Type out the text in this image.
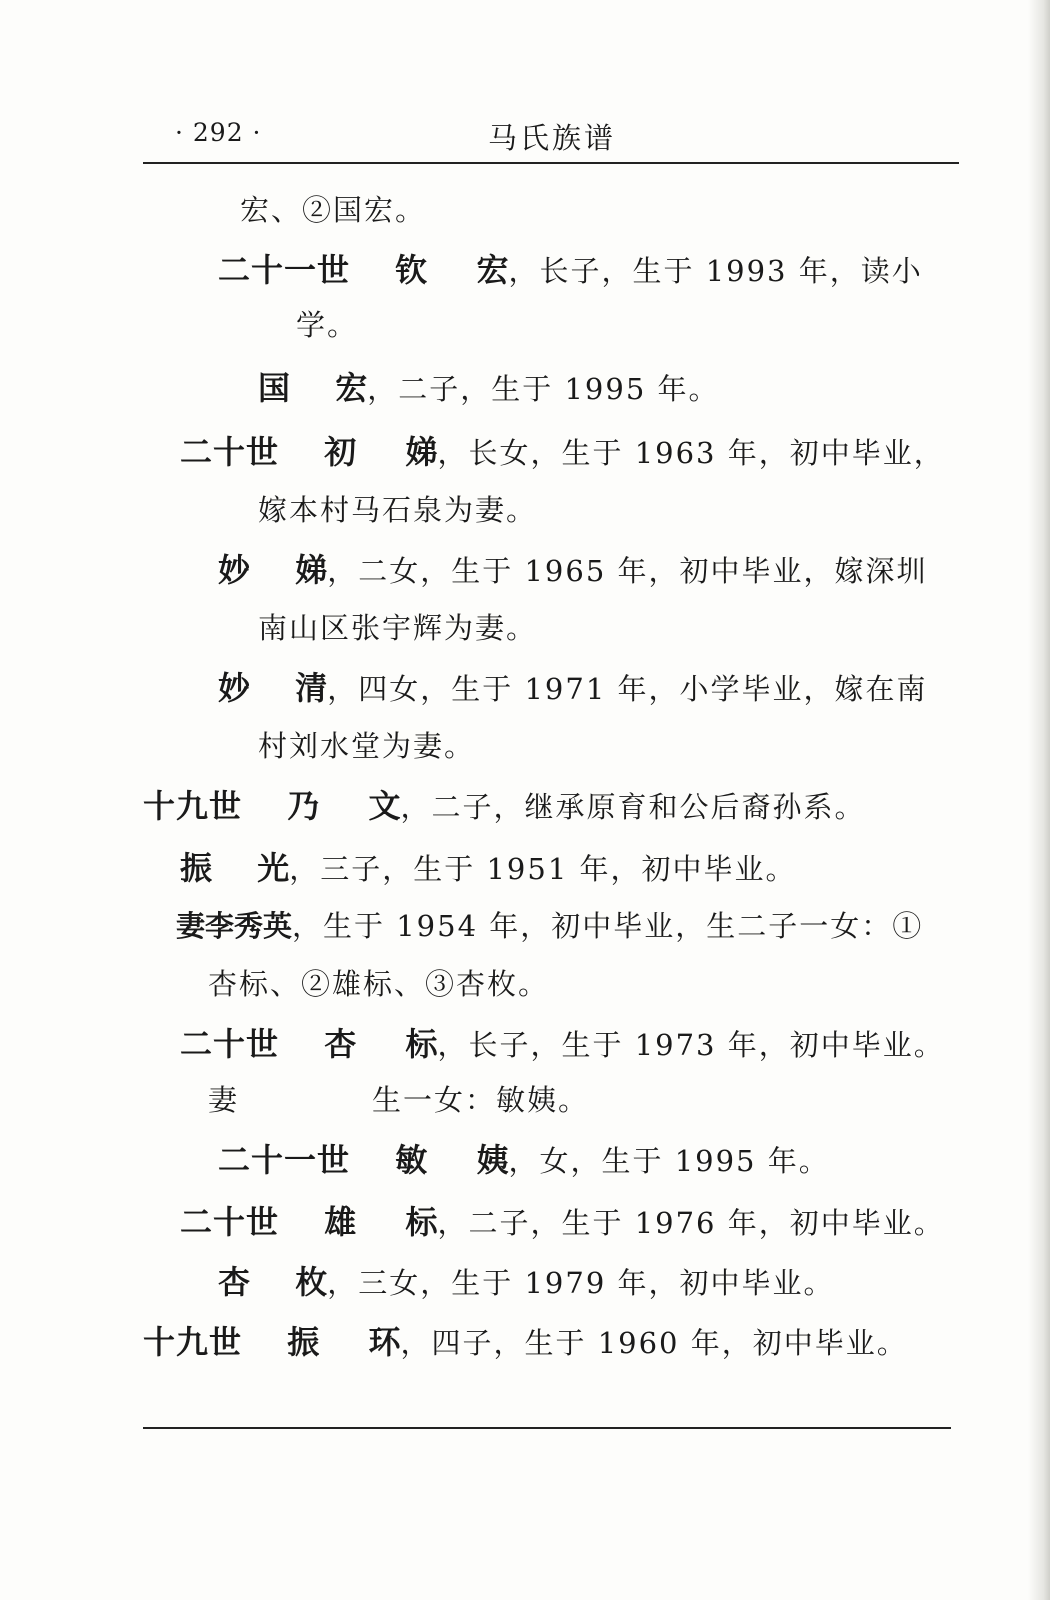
· 292 ·	马氏族谱
宏、②国宏。
二十一世 钦 宏，长子，生于 1993 年，读小
学。
国 宏，二子，生于 1995 年。
二十世 初 娣，长女，生于 1963 年，初中毕业，
嫁本村马石泉为妻。
妙 娣，二女，生于 1965 年，初中毕业，嫁深圳
南山区张宇辉为妻。
妙 清，四女，生于 1971 年，小学毕业，嫁在南
村刘水堂为妻。
十九世 乃 文，二子，继承原育和公后裔孙系。
振 光，三子，生于 1951 年，初中毕业。
妻李秀英，生于 1954 年，初中毕业，生二子一女：①
杏标、②雄标、③杏枚。
二十世 杏 标，长子，生于 1973 年，初中毕业。
妻	生一女：敏姨。
二十一世 敏 姨，女，生于 1995 年。
二十世 雄 标，二子，生于 1976 年，初中毕业。
杏 枚，三女，生于 1979 年，初中毕业。
十九世 振 环，四子，生于 1960 年，初中毕业。
